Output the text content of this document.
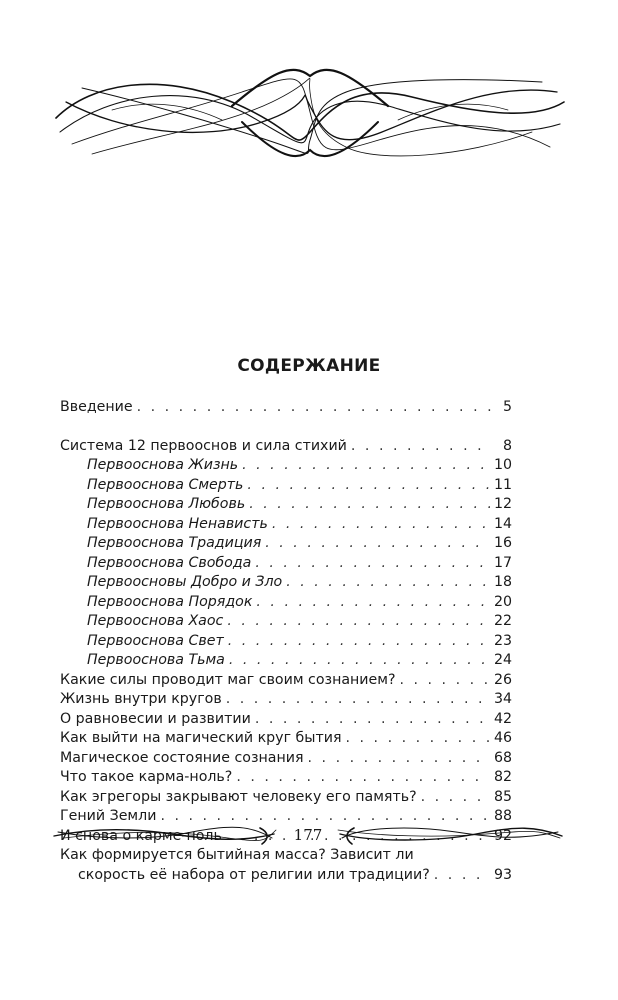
СОДЕРЖАНИЕ
Введение . . .	5
Система 12 первооснов и сила стихий . . .	8
Первооснова Жизнь . . .	10
Первооснова Смерть . . .	11
Первооснова Любовь . . .	12
Первооснова Ненависть . . .	14
Первооснова Традиция . . .	16
Первооснова Свобода . . .	17
Первоосновы Добро и Зло . . .	18
Первооснова Порядок . . .	20
Первооснова Хаос . . .	22
Первооснова Свет . . .	23
Первооснова Тьма . . .	24
Какие силы проводит маг своим сознанием? . . .	26
Жизнь внутри кругов . . .	34
О равновесии и развитии . . .	42
Как выйти на магический круг бытия . . .	46
Магическое состояние сознания . . .	68
Что такое карма-ноль? . . .	82
Как эгрегоры закрывают человеку его память? . . .	85
Гений Земли . . .	88
И снова о карме-ноль . . .	92
Как формируется бытийная масса? Зависит ли
скорость её набора от религии или традиции? . . .	93
177
